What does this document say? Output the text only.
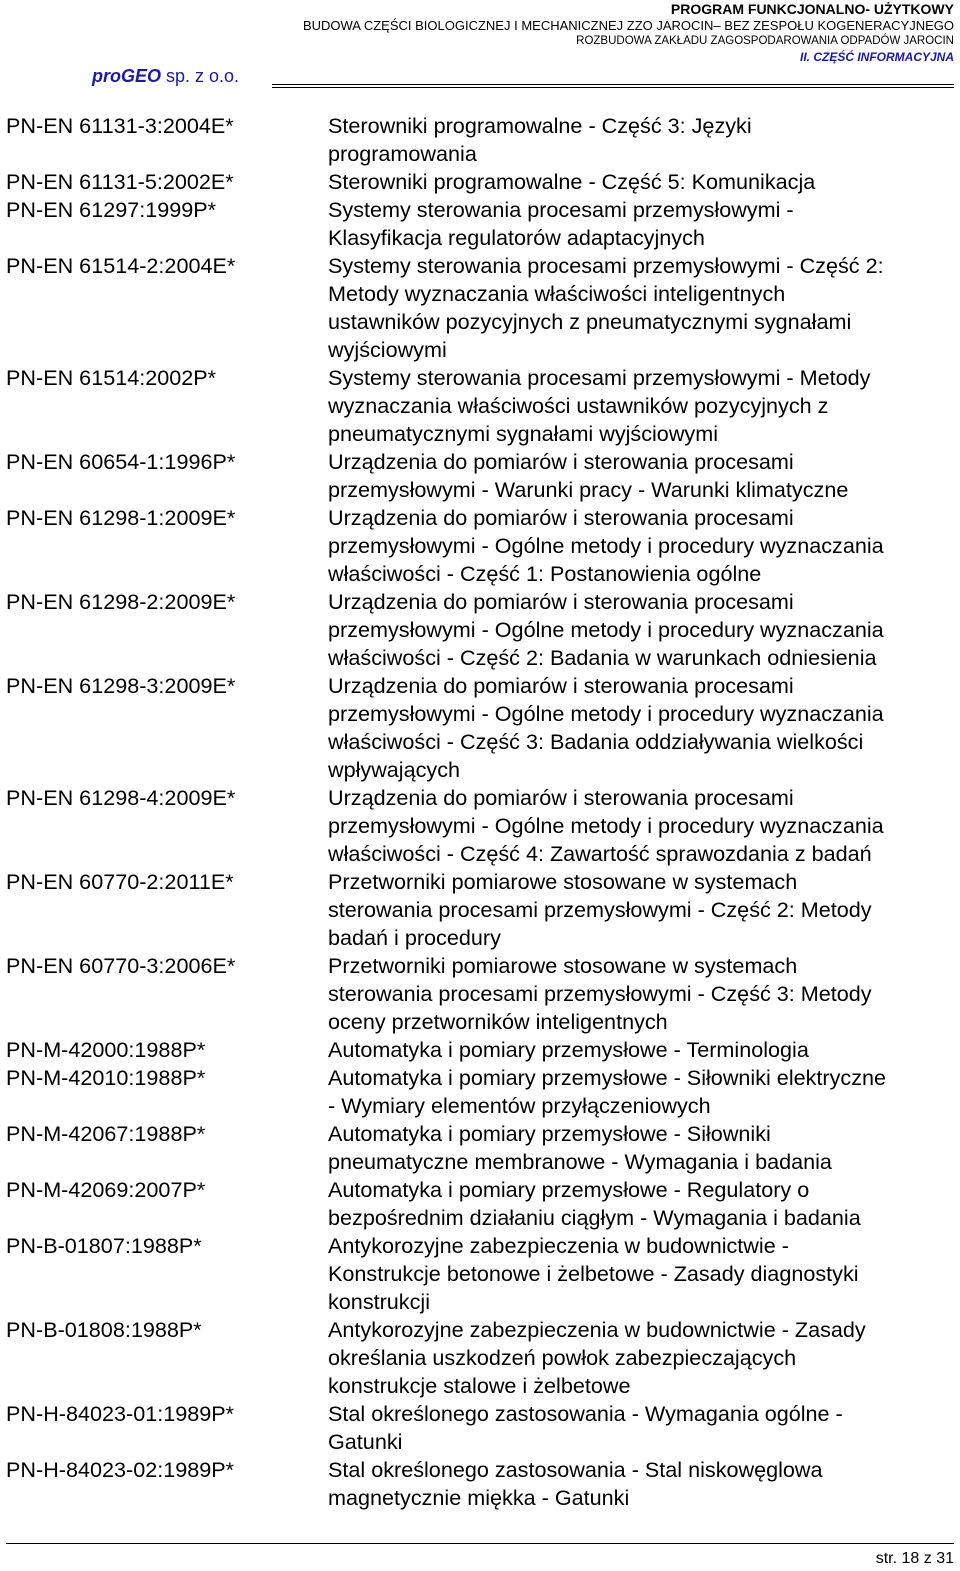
PROGRAM FUNKCJONALNO- UŻYTKOWY
BUDOWA CZĘŚCI BIOLOGICZNEJ I MECHANICZNEJ ZZO JAROCIN– BEZ ZESPOŁU KOGENERACYJNEGO
ROZBUDOWA ZAKŁADU ZAGOSPODAROWANIA ODPADÓW JAROCIN
II. CZĘŚĆ INFORMACYJNA
proGEO sp. z o.o.
PN-EN 61131-3:2004E*	Sterowniki programowalne - Część 3: Języki
programowania
PN-EN 61131-5:2002E*	Sterowniki programowalne - Część 5: Komunikacja
PN-EN 61297:1999P*	Systemy sterowania procesami przemysłowymi -
Klasyfikacja regulatorów adaptacyjnych
PN-EN 61514-2:2004E*	Systemy sterowania procesami przemysłowymi - Część 2:
Metody wyznaczania właściwości inteligentnych
ustawników pozycyjnych z pneumatycznymi sygnałami
wyjściowymi
PN-EN 61514:2002P*	Systemy sterowania procesami przemysłowymi - Metody
wyznaczania właściwości ustawników pozycyjnych z
pneumatycznymi sygnałami wyjściowymi
PN-EN 60654-1:1996P*	Urządzenia do pomiarów i sterowania procesami
przemysłowymi - Warunki pracy - Warunki klimatyczne
PN-EN 61298-1:2009E*	Urządzenia do pomiarów i sterowania procesami
przemysłowymi - Ogólne metody i procedury wyznaczania
właściwości - Część 1: Postanowienia ogólne
PN-EN 61298-2:2009E*	Urządzenia do pomiarów i sterowania procesami
przemysłowymi - Ogólne metody i procedury wyznaczania
właściwości - Część 2: Badania w warunkach odniesienia
PN-EN 61298-3:2009E*	Urządzenia do pomiarów i sterowania procesami
przemysłowymi - Ogólne metody i procedury wyznaczania
właściwości - Część 3: Badania oddziaływania wielkości
wpływających
PN-EN 61298-4:2009E*	Urządzenia do pomiarów i sterowania procesami
przemysłowymi - Ogólne metody i procedury wyznaczania
właściwości - Część 4: Zawartość sprawozdania z badań
PN-EN 60770-2:2011E*	Przetworniki pomiarowe stosowane w systemach
sterowania procesami przemysłowymi - Część 2: Metody
badań i procedury
PN-EN 60770-3:2006E*	Przetworniki pomiarowe stosowane w systemach
sterowania procesami przemysłowymi - Część 3: Metody
oceny przetworników inteligentnych
PN-M-42000:1988P*	Automatyka i pomiary przemysłowe - Terminologia
PN-M-42010:1988P*	Automatyka i pomiary przemysłowe - Siłowniki elektryczne
- Wymiary elementów przyłączeniowych
PN-M-42067:1988P*	Automatyka i pomiary przemysłowe - Siłowniki
pneumatyczne membranowe - Wymagania i badania
PN-M-42069:2007P*	Automatyka i pomiary przemysłowe - Regulatory o
bezpośrednim działaniu ciągłym - Wymagania i badania
PN-B-01807:1988P*	Antykorozyjne zabezpieczenia w budownictwie -
Konstrukcje betonowe i żelbetowe - Zasady diagnostyki
konstrukcji
PN-B-01808:1988P*	Antykorozyjne zabezpieczenia w budownictwie - Zasady
określania uszkodzeń powłok zabezpieczających
konstrukcje stalowe i żelbetowe
PN-H-84023-01:1989P*	Stal określonego zastosowania - Wymagania ogólne -
Gatunki
PN-H-84023-02:1989P*	Stal określonego zastosowania - Stal niskowęglowa
magnetycznie miękka - Gatunki
str. 18 z 31
